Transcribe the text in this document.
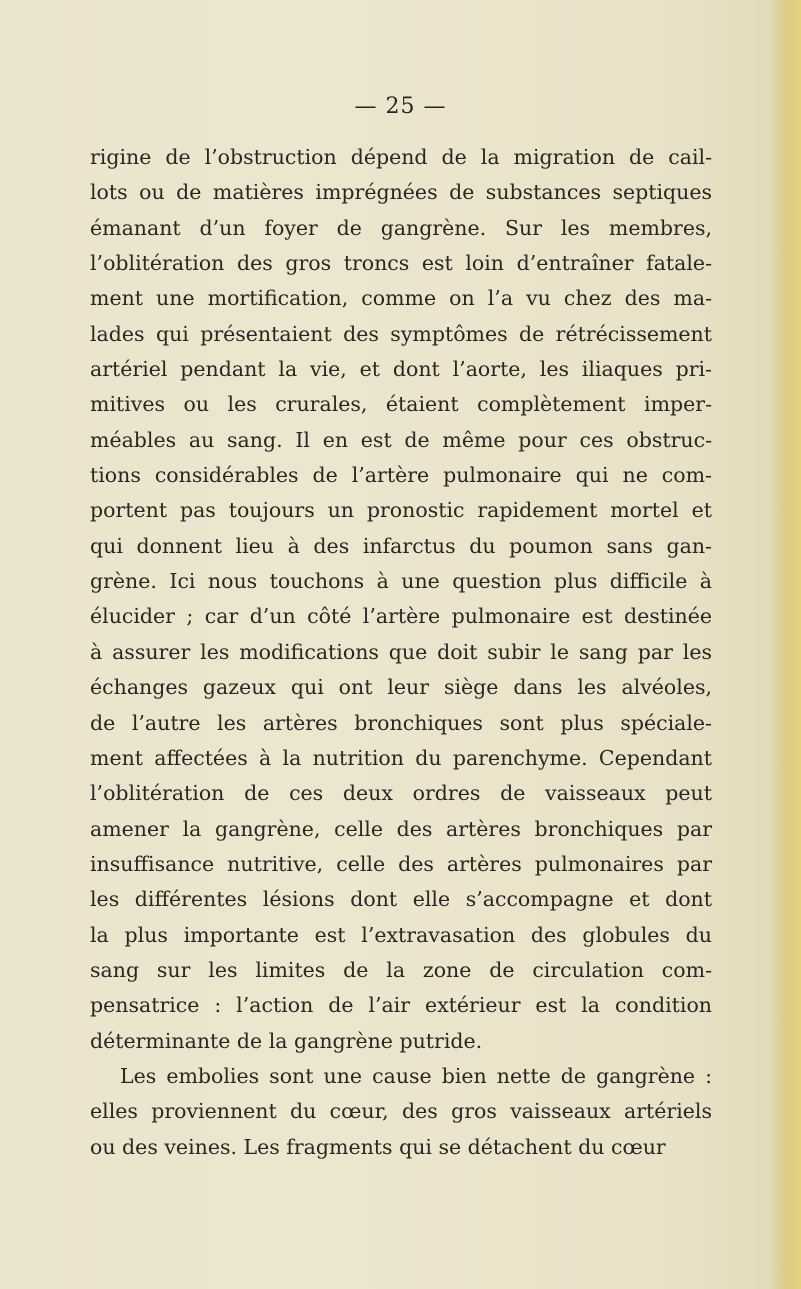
— 25 —
rigine de l’obstruction dépend de la migration de cail-
lots ou de matières imprégnées de substances septiques
émanant d’un foyer de gangrène. Sur les membres,
l’oblitération des gros troncs est loin d’entraîner fatale-
ment une mortification, comme on l’a vu chez des ma-
lades qui présentaient des symptômes de rétrécissement
artériel pendant la vie, et dont l’aorte, les iliaques pri-
mitives ou les crurales, étaient complètement imper-
méables au sang. Il en est de même pour ces obstruc-
tions considérables de l’artère pulmonaire qui ne com-
portent pas toujours un pronostic rapidement mortel et
qui donnent lieu à des infarctus du poumon sans gan-
grène. Ici nous touchons à une question plus difficile à
élucider ; car d’un côté l’artère pulmonaire est destinée
à assurer les modifications que doit subir le sang par les
échanges gazeux qui ont leur siège dans les alvéoles,
de l’autre les artères bronchiques sont plus spéciale-
ment affectées à la nutrition du parenchyme. Cependant
l’oblitération de ces deux ordres de vaisseaux peut
amener la gangrène, celle des artères bronchiques par
insuffisance nutritive, celle des artères pulmonaires par
les différentes lésions dont elle s’accompagne et dont
la plus importante est l’extravasation des globules du
sang sur les limites de la zone de circulation com-
pensatrice : l’action de l’air extérieur est la condition
déterminante de la gangrène putride.
Les embolies sont une cause bien nette de gangrène :
elles proviennent du cœur, des gros vaisseaux artériels
ou des veines. Les fragments qui se détachent du cœur
